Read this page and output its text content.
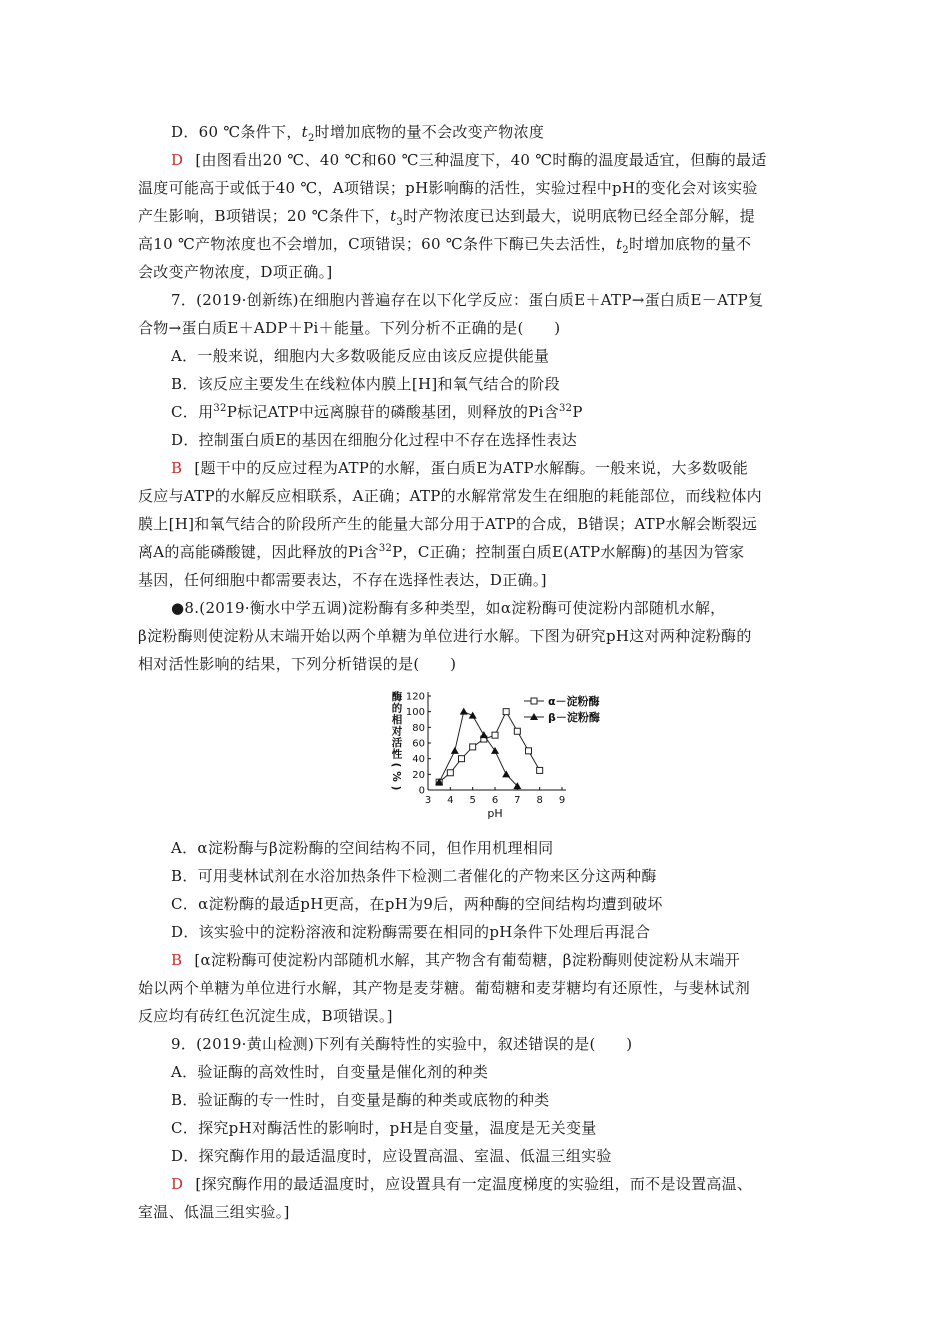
D．60 ℃条件下，$t_2$时增加底物的量不会改变产物浓度
D [由图看出20 ℃、40 ℃和60 ℃三种温度下，40 ℃时酶的温度最适宜，但酶的最适
温度可能高于或低于40 ℃，A项错误；pH影响酶的活性，实验过程中pH的变化会对该实验
产生影响，B项错误；20 ℃条件下，$t_3$时产物浓度已达到最大，说明底物已经全部分解，提
高10 ℃产物浓度也不会增加，C项错误；60 ℃条件下酶已失去活性，$t_2$时增加底物的量不
会改变产物浓度，D项正确。]
7．(2019·创新练)在细胞内普遍存在以下化学反应：蛋白质E＋ATP→蛋白质E－ATP复
合物→蛋白质E＋ADP＋Pi＋能量。下列分析不正确的是(　　)
A．一般来说，细胞内大多数吸能反应由该反应提供能量
B．该反应主要发生在线粒体内膜上[H]和氧气结合的阶段
C．用$^{32}$P标记ATP中远离腺苷的磷酸基团，则释放的Pi含$^{32}$P
D．控制蛋白质E的基因在细胞分化过程中不存在选择性表达
B [题干中的反应过程为ATP的水解，蛋白质E为ATP水解酶。一般来说，大多数吸能
反应与ATP的水解反应相联系，A正确；ATP的水解常常发生在细胞的耗能部位，而线粒体内
膜上[H]和氧气结合的阶段所产生的能量大部分用于ATP的合成，B错误；ATP水解会断裂远
离A的高能磷酸键，因此释放的Pi含$^{32}$P，C正确；控制蛋白质E(ATP水解酶)的基因为管家
基因，任何细胞中都需要表达，不存在选择性表达，D正确。]
●8.(2019·衡水中学五调)淀粉酶有多种类型，如α淀粉酶可使淀粉内部随机水解，
β淀粉酶则使淀粉从末端开始以两个单糖为单位进行水解。下图为研究pH这对两种淀粉酶的
相对活性影响的结果，下列分析错误的是(　　)
A．α淀粉酶与β淀粉酶的空间结构不同，但作用机理相同
B．可用斐林试剂在水浴加热条件下检测二者催化的产物来区分这两种酶
C．α淀粉酶的最适pH更高，在pH为9后，两种酶的空间结构均遭到破坏
D．该实验中的淀粉溶液和淀粉酶需要在相同的pH条件下处理后再混合
B [α淀粉酶可使淀粉内部随机水解，其产物含有葡萄糖，β淀粉酶则使淀粉从末端开
始以两个单糖为单位进行水解，其产物是麦芽糖。葡萄糖和麦芽糖均有还原性，与斐林试剂
反应均有砖红色沉淀生成，B项错误。]
9．(2019·黄山检测)下列有关酶特性的实验中，叙述错误的是(　　)
A．验证酶的高效性时，自变量是催化剂的种类
B．验证酶的专一性时，自变量是酶的种类或底物的种类
C．探究pH对酶活性的影响时，pH是自变量，温度是无关变量
D．探究酶作用的最适温度时，应设置高温、室温、低温三组实验
D [探究酶作用的最适温度时，应设置具有一定温度梯度的实验组，而不是设置高温、
室温、低温三组实验。]
0
20
40
60
80
100
120
3 4 5 6 7 8 9
pH
酶
的
相
对
活
性
(
%
)
α－淀粉酶
β－淀粉酶
